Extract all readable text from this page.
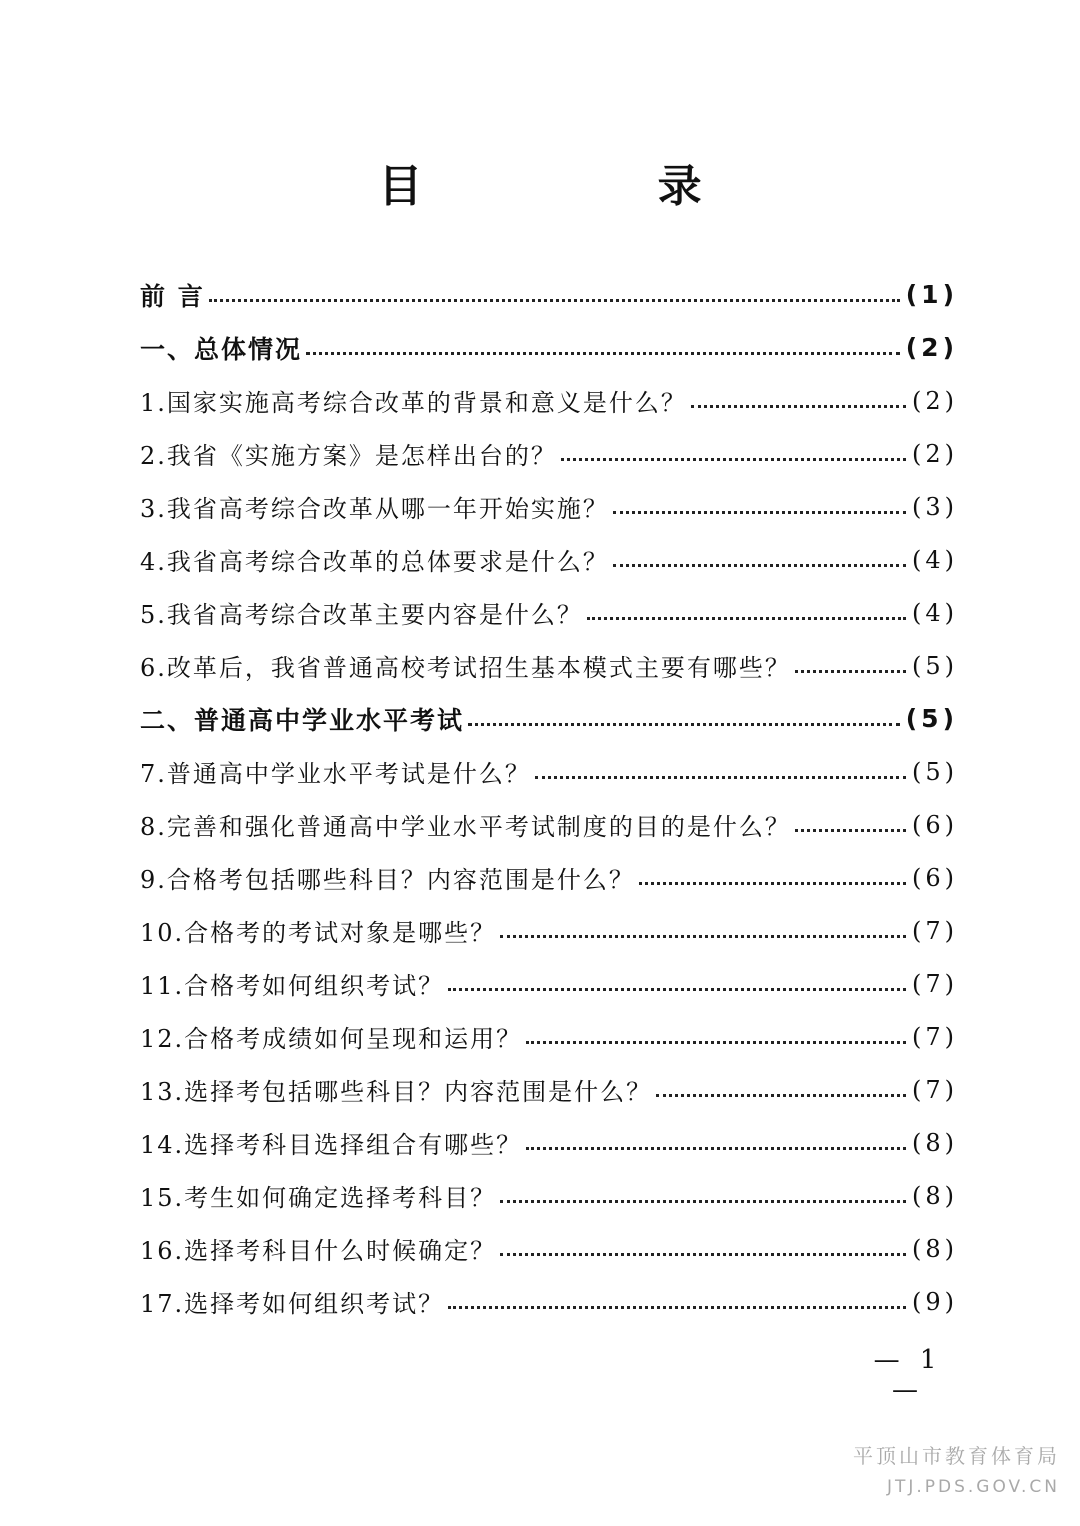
目 录
前 言	(1)
一、总体情况	(2)
1.国家实施高考综合改革的背景和意义是什么？	(2)
2.我省《实施方案》是怎样出台的？	(2)
3.我省高考综合改革从哪一年开始实施？	(3)
4.我省高考综合改革的总体要求是什么？	(4)
5.我省高考综合改革主要内容是什么？	(4)
6.改革后，我省普通高校考试招生基本模式主要有哪些？	(5)
二、普通高中学业水平考试	(5)
7.普通高中学业水平考试是什么？	(5)
8.完善和强化普通高中学业水平考试制度的目的是什么？	(6)
9.合格考包括哪些科目？内容范围是什么？	(6)
10.合格考的考试对象是哪些？	(7)
11.合格考如何组织考试？	(7)
12.合格考成绩如何呈现和运用？	(7)
13.选择考包括哪些科目？内容范围是什么？	(7)
14.选择考科目选择组合有哪些？	(8)
15.考生如何确定选择考科目？	(8)
16.选择考科目什么时候确定？	(8)
17.选择考如何组织考试？	(9)
— 1 —
平顶山市教育体育局
JTJ.PDS.GOV.CN
